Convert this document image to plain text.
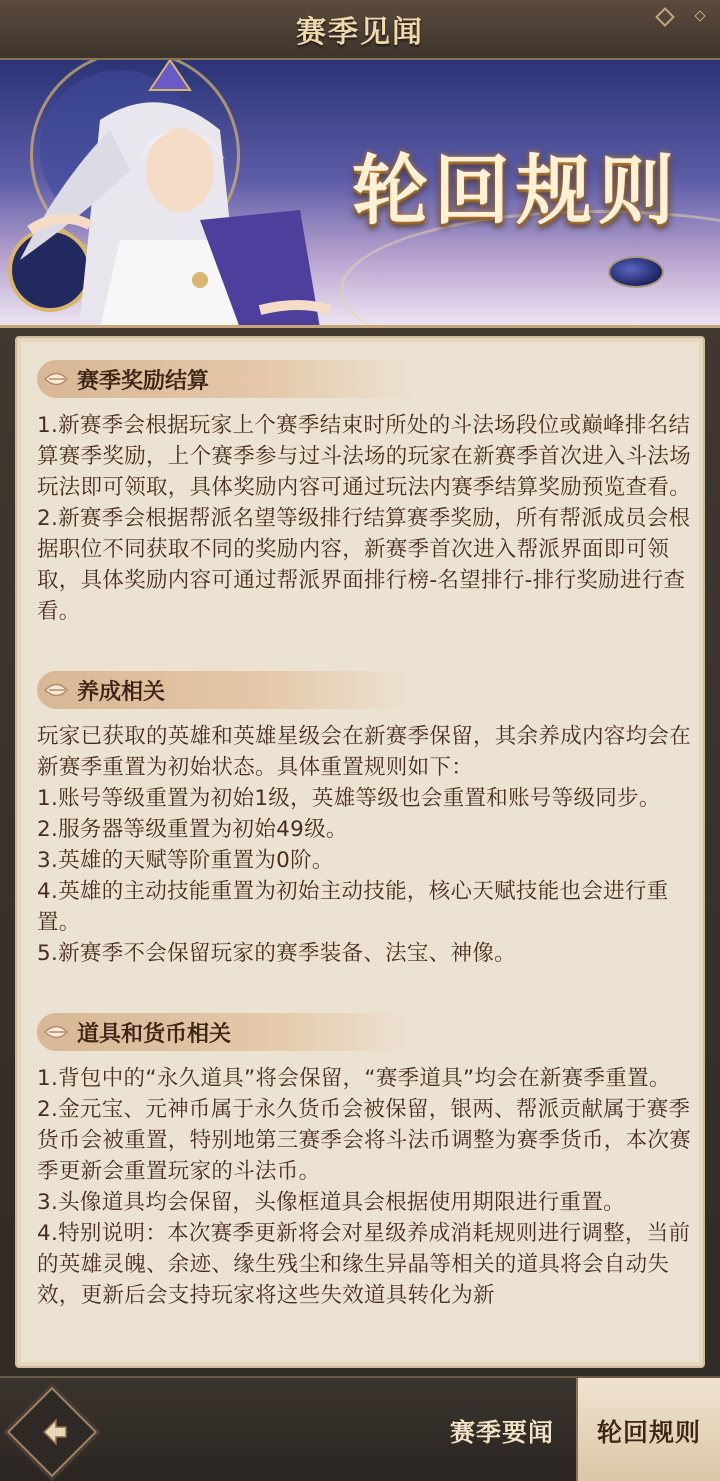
赛季见闻
轮回规则
赛季奖励结算

1.新赛季会根据玩家上个赛季结束时所处的斗法场段位或巅峰排名结算赛季奖励，上个赛季参与过斗法场的玩家在新赛季首次进入斗法场玩法即可领取，具体奖励内容可通过玩法内赛季结算奖励预览查看。

2.新赛季会根据帮派名望等级排行结算赛季奖励，所有帮派成员会根据职位不同获取不同的奖励内容，新赛季首次进入帮派界面即可领取，具体奖励内容可通过帮派界面排行榜-名望排行-排行奖励进行查看。

养成相关

玩家已获取的英雄和英雄星级会在新赛季保留，其余养成内容均会在新赛季重置为初始状态。具体重置规则如下：

1.账号等级重置为初始1级，英雄等级也会重置和账号等级同步。

2.服务器等级重置为初始49级。

3.英雄的天赋等阶重置为0阶。

4.英雄的主动技能重置为初始主动技能，核心天赋技能也会进行重置。

5.新赛季不会保留玩家的赛季装备、法宝、神像。

道具和货币相关

1.背包中的“永久道具”将会保留，“赛季道具”均会在新赛季重置。

2.金元宝、元神币属于永久货币会被保留，银两、帮派贡献属于赛季货币会被重置，特别地第三赛季会将斗法币调整为赛季货币，本次赛季更新会重置玩家的斗法币。

3.头像道具均会保留，头像框道具会根据使用期限进行重置。

4.特别说明：本次赛季更新将会对星级养成消耗规则进行调整，当前的英雄灵魄、余迹、缘生残尘和缘生异晶等相关的道具将会自动失效，更新后会支持玩家将这些失效道具转化为新

赛季要闻	轮回规则
